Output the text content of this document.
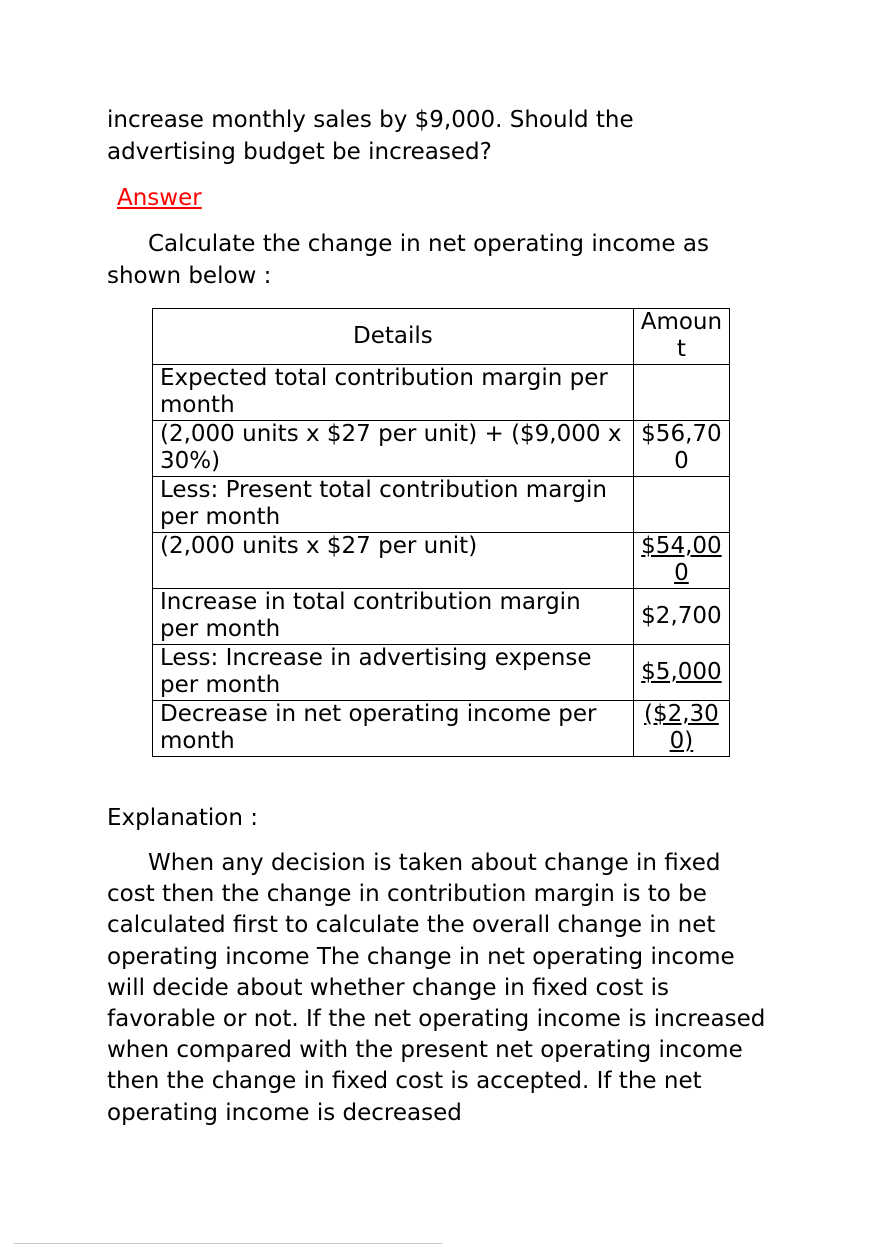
increase monthly sales by $9,000. Should the advertising budget be increased?

Answer

Calculate the change in net operating income as shown below :

Details	Amoun t
Expected total contribution margin per month	
(2,000 units x $27 per unit) + ($9,000 x 30%)	$56,70 0
Less: Present total contribution margin per month	
(2,000 units x $27 per unit)	$54,00 0
Increase in total contribution margin per month	$2,700
Less: Increase in advertising expense per month	$5,000
Decrease in net operating income per month	($2,30 0)

Explanation :

When any decision is taken about change in fixed cost then the change in contribution margin is to be calculated first to calculate the overall change in net operating income The change in net operating income will decide about whether change in fixed cost is favorable or not. If the net operating income is increased when compared with the present net operating income then the change in fixed cost is accepted. If the net operating income is decreased
